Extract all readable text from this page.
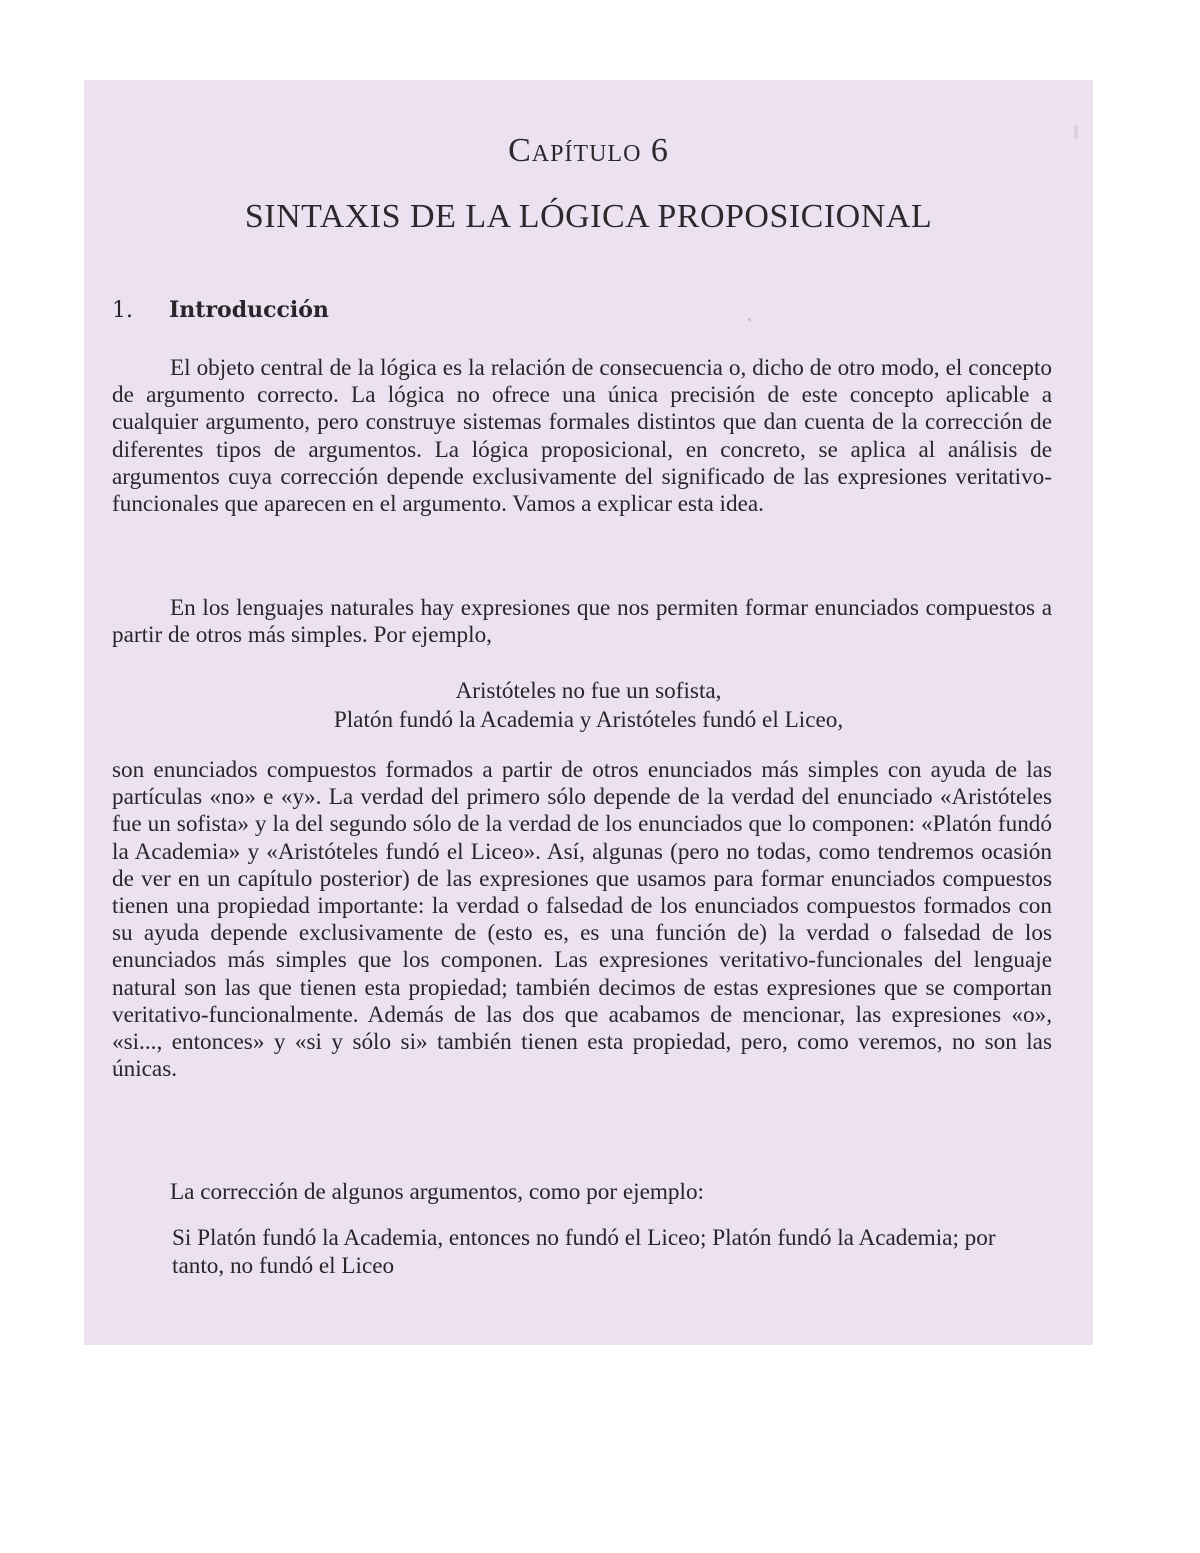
Capítulo 6
SINTAXIS DE LA LÓGICA PROPOSICIONAL
1. Introducción

El objeto central de la lógica es la relación de consecuencia o, dicho de otro modo, el concepto de argumento correcto. La lógica no ofrece una única precisión de este concepto aplicable a cualquier argumento, pero construye sistemas formales distintos que dan cuenta de la corrección de diferentes tipos de argumentos. La lógica proposicional, en concreto, se aplica al análisis de argumentos cuya corrección depende exclusivamente del significado de las expresiones veritativo-funcionales que aparecen en el argumento. Vamos a explicar esta idea.

En los lenguajes naturales hay expresiones que nos permiten formar enunciados compuestos a partir de otros más simples. Por ejemplo,

Aristóteles no fue un sofista,
Platón fundó la Academia y Aristóteles fundó el Liceo,

son enunciados compuestos formados a partir de otros enunciados más simples con ayuda de las partículas «no» e «y». La verdad del primero sólo depende de la verdad del enunciado «Aristóteles fue un sofista» y la del segundo sólo de la verdad de los enunciados que lo componen: «Platón fundó la Academia» y «Aristóteles fundó el Liceo». Así, algunas (pero no todas, como tendremos ocasión de ver en un capítulo posterior) de las expresiones que usamos para formar enunciados compuestos tienen una propiedad importante: la verdad o falsedad de los enunciados compuestos formados con su ayuda depende exclusivamente de (esto es, es una función de) la verdad o falsedad de los enunciados más simples que los componen. Las expresiones veritativo-funcionales del lenguaje natural son las que tienen esta propiedad; también decimos de estas expresiones que se comportan veritativo-funcionalmente. Además de las dos que acabamos de mencionar, las expresiones «o», «si..., entonces» y «si y sólo si» también tienen esta propiedad, pero, como veremos, no son las únicas.

La corrección de algunos argumentos, como por ejemplo:

Si Platón fundó la Academia, entonces no fundó el Liceo; Platón fundó la Academia; por tanto, no fundó el Liceo
